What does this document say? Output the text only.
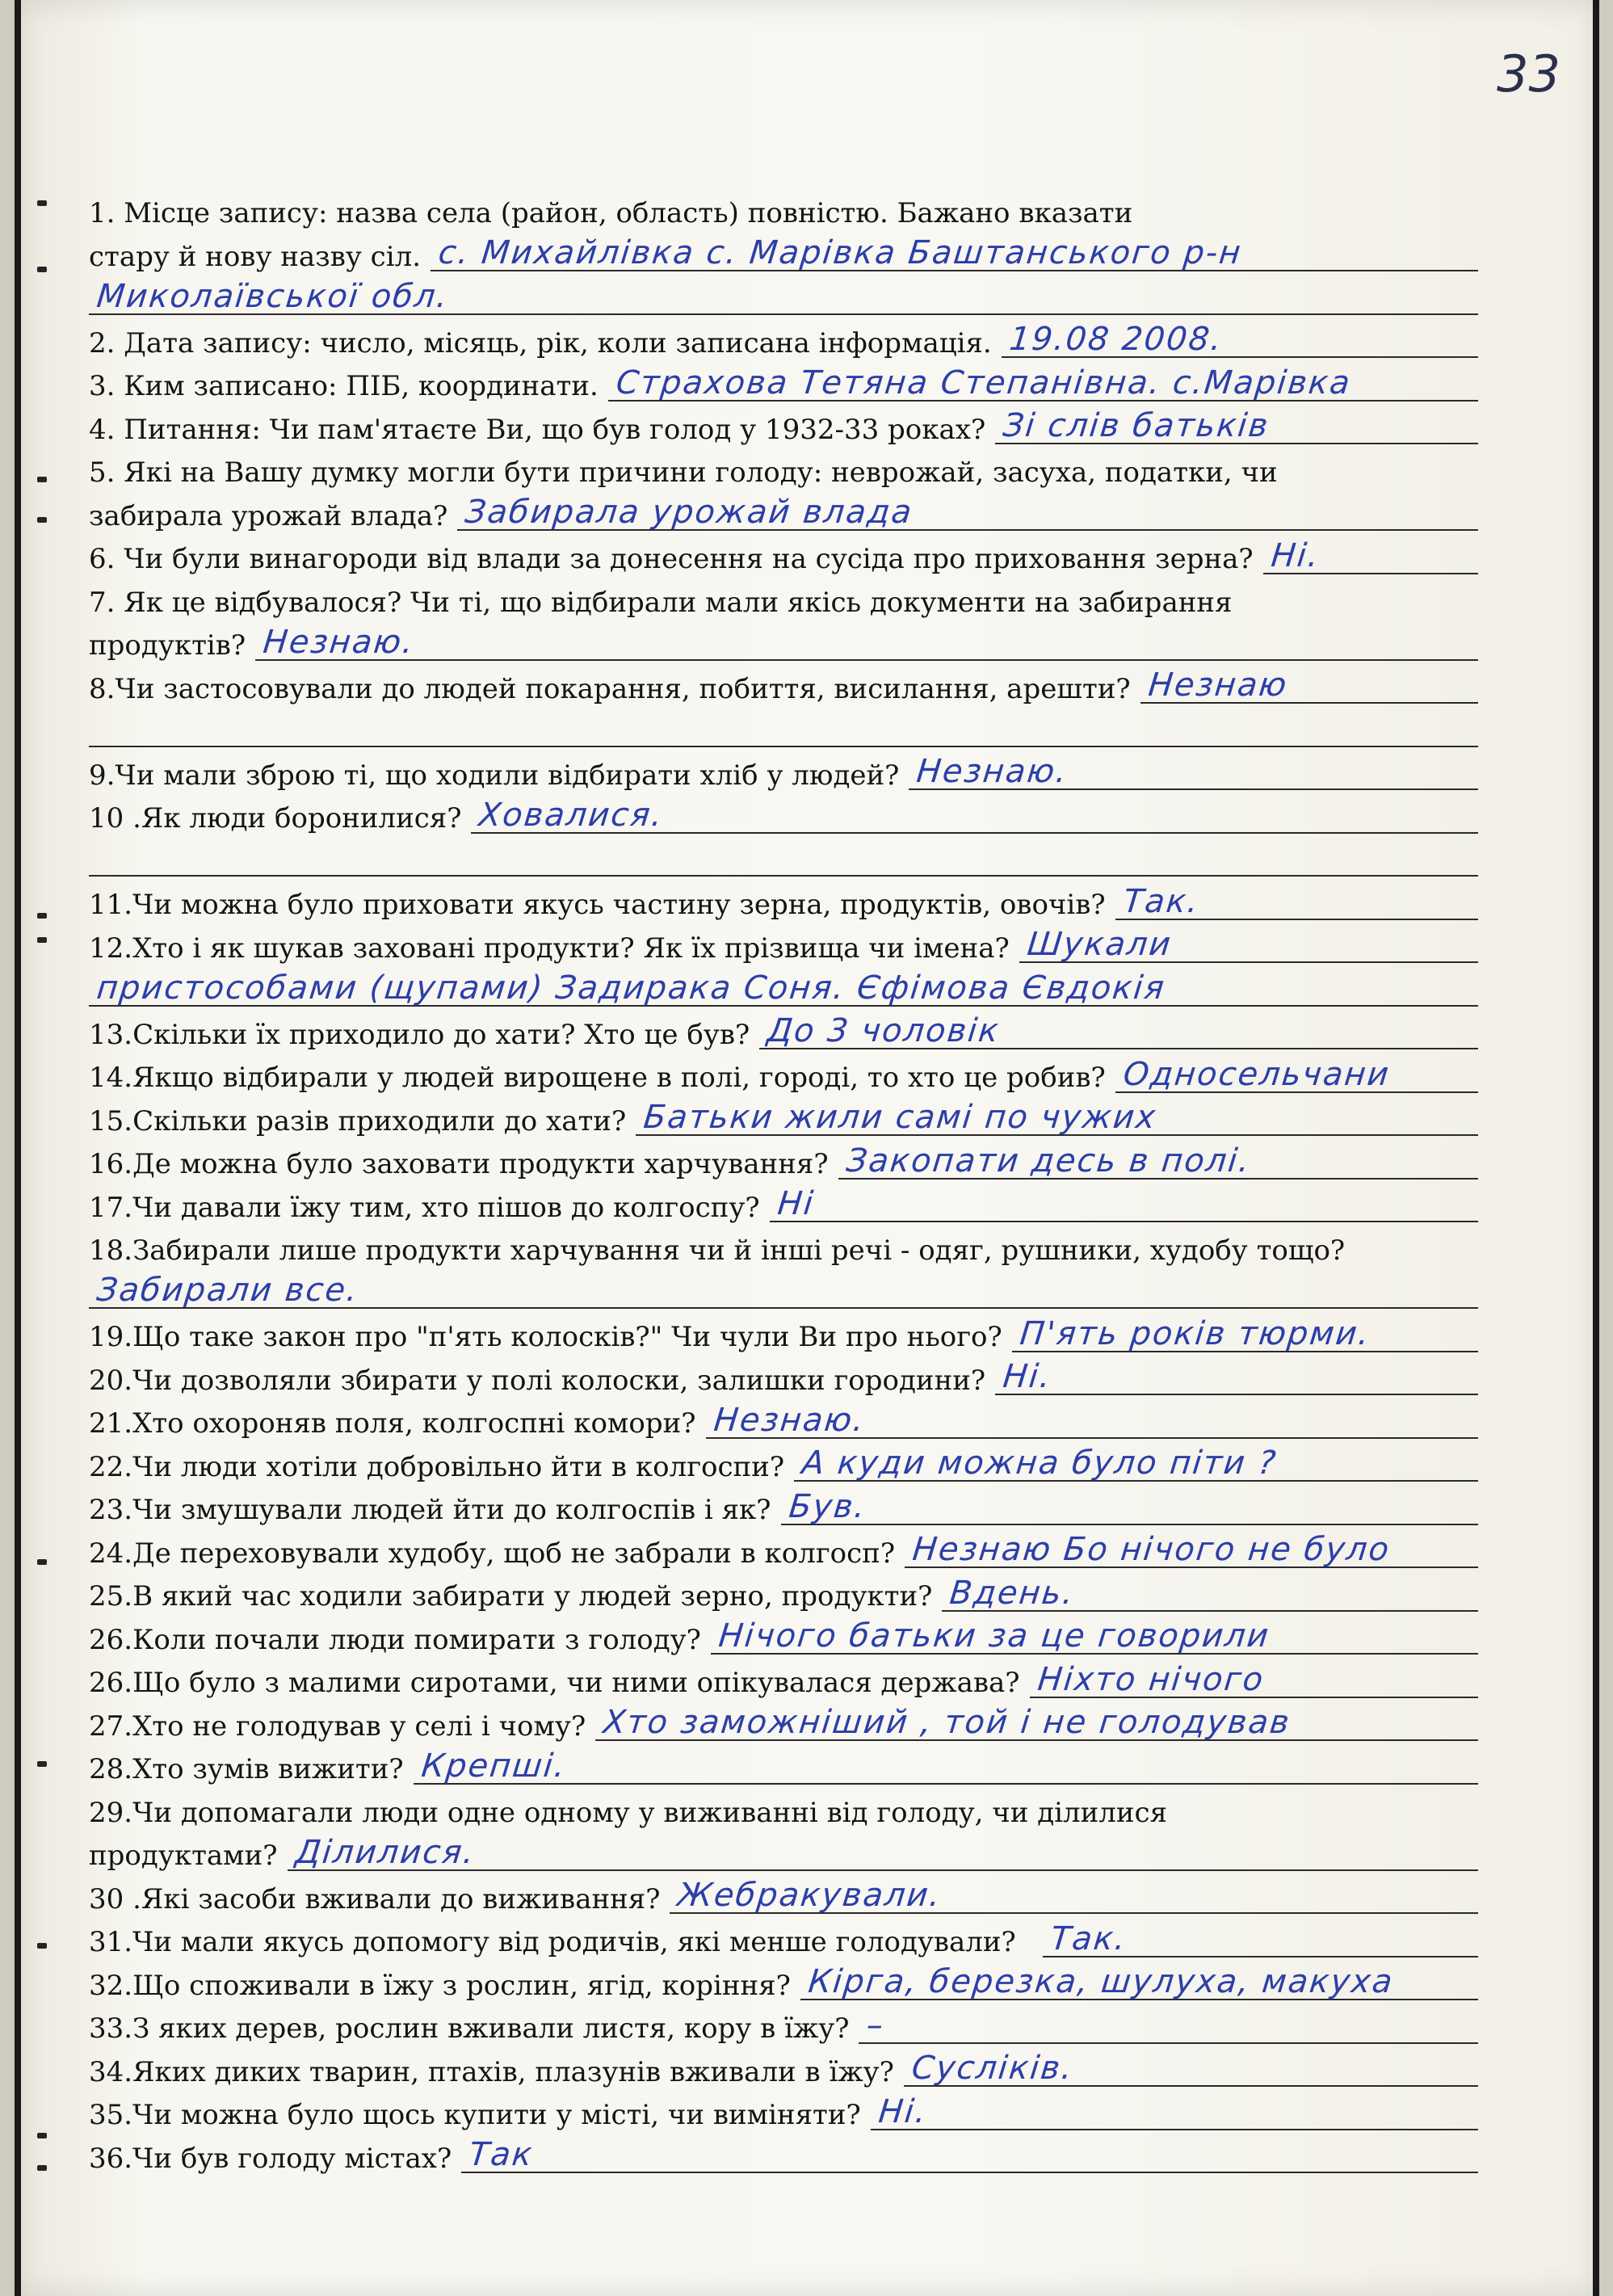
33
1. Місце запису: назва села (район, область) повністю. Бажано вказати
стару й нову назву сіл. с. Михайлівка с. Марівка Баштанського р-н
Миколаївської обл.
2. Дата запису: число, місяць, рік, коли записана інформація. 19.08 2008.
3. Ким записано: ПІБ, координати. Страхова Тетяна Степанівна. с.Марівка
4. Питання: Чи пам'ятаєте Ви, що був голод у 1932-33 роках? Зі слів батьків
5. Які на Вашу думку могли бути причини голоду: неврожай, засуха, податки, чи
забирала урожай влада? Забирала урожай влада
6. Чи були винагороди від влади за донесення на сусіда про приховання зерна? Ні.
7. Як це відбувалося? Чи ті, що відбирали мали якісь документи на забирання
продуктів? Незнаю.
8.Чи застосовували до людей покарання, побиття, висилання, арешти? Незнаю
9.Чи мали зброю ті, що ходили відбирати хліб у людей? Незнаю.
10 .Як люди боронилися? Ховалися.
11.Чи можна було приховати якусь частину зерна, продуктів, овочів? Так.
12.Хто і як шукав заховані продукти? Як їх прізвища чи імена? Шукали
пристособами (щупами) Задирака Соня. Єфімова Євдокія
13.Скільки їх приходило до хати? Хто це був? До 3 чоловік
14.Якщо відбирали у людей вирощене в полі, городі, то хто це робив? Односельчани
15.Скільки разів приходили до хати? Батьки жили самі по чужих
16.Де можна було заховати продукти харчування? Закопати десь в полі.
17.Чи давали їжу тим, хто пішов до колгоспу? Ні
18.Забирали лише продукти харчування чи й інші речі - одяг, рушники, худобу тощо?
Забирали все.
19.Що таке закон про "п'ять колосків?" Чи чули Ви про нього? П'ять років тюрми.
20.Чи дозволяли збирати у полі колоски, залишки городини? Ні.
21.Хто охороняв поля, колгоспні комори? Незнаю.
22.Чи люди хотіли добровільно йти в колгоспи? А куди можна було піти ?
23.Чи змушували людей йти до колгоспів і як? Був.
24.Де переховували худобу, щоб не забрали в колгосп? Незнаю Бо нічого не було
25.В який час ходили забирати у людей зерно, продукти? Вдень.
26.Коли почали люди помирати з голоду? Нічого батьки за це говорили
26.Що було з малими сиротами, чи ними опікувалася держава? Ніхто нічого
27.Хто не голодував у селі і чому? Хто заможніший , той і не голодував
28.Хто зумів вижити? Крепші.
29.Чи допомагали люди одне одному у виживанні від голоду, чи ділилися
продуктами? Ділилися.
30 .Які засоби вживали до виживання? Жебракували.
31.Чи мали якусь допомогу від родичів, які менше голодували? Так.
32.Що споживали в їжу з рослин, ягід, коріння? Кірга, березка, шулуха, макуха
33.З яких дерев, рослин вживали листя, кору в їжу? –
34.Яких диких тварин, птахів, плазунів вживали в їжу? Сусліків.
35.Чи можна було щось купити у місті, чи виміняти? Ні.
36.Чи був голоду містах? Так
